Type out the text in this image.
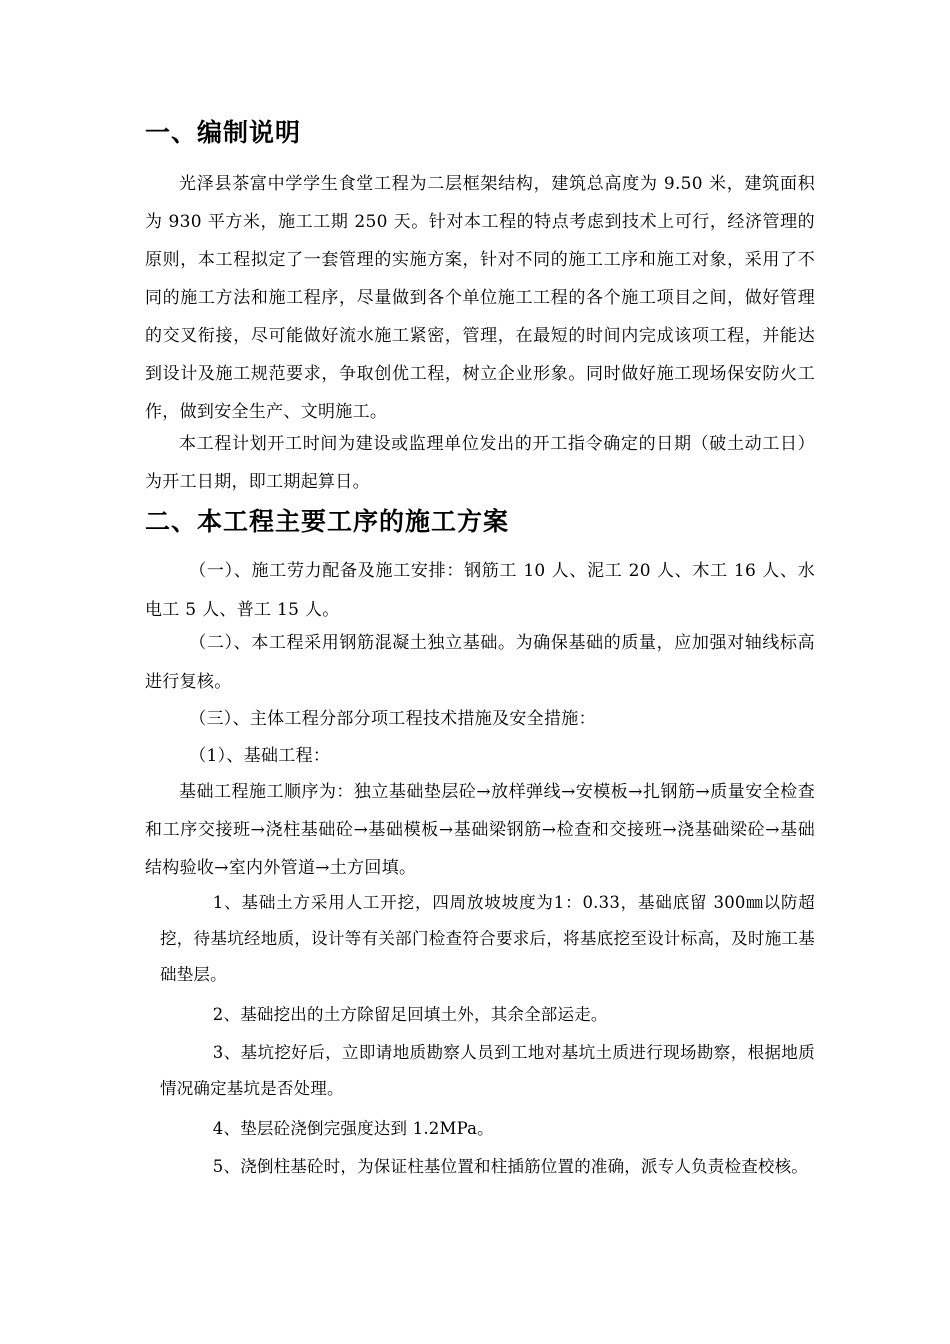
一、编制说明

光泽县茶富中学学生食堂工程为二层框架结构，建筑总高度为 9.50 米，建筑面积为 930 平方米，施工工期 250 天。针对本工程的特点考虑到技术上可行，经济管理的原则，本工程拟定了一套管理的实施方案，针对不同的施工工序和施工对象，采用了不同的施工方法和施工程序，尽量做到各个单位施工工程的各个施工项目之间，做好管理的交叉衔接，尽可能做好流水施工紧密，管理，在最短的时间内完成该项工程，并能达到设计及施工规范要求，争取创优工程，树立企业形象。同时做好施工现场保安防火工作，做到安全生产、文明施工。

本工程计划开工时间为建设或监理单位发出的开工指令确定的日期（破土动工日）为开工日期，即工期起算日。

二、本工程主要工序的施工方案

（一）、施工劳力配备及施工安排：钢筋工 10 人、泥工 20 人、木工 16 人、水电工 5 人、普工 15 人。

（二）、本工程采用钢筋混凝土独立基础。为确保基础的质量，应加强对轴线标高进行复核。

（三）、主体工程分部分项工程技术措施及安全措施：

（1）、基础工程：

基础工程施工顺序为：独立基础垫层砼→放样弹线→安模板→扎钢筋→质量安全检查和工序交接班→浇柱基础砼→基础模板→基础梁钢筋→检查和交接班→浇基础梁砼→基础结构验收→室内外管道→土方回填。

1、基础土方采用人工开挖，四周放坡坡度为1：0.33，基础底留 300㎜以防超挖，待基坑经地质，设计等有关部门检查符合要求后，将基底挖至设计标高，及时施工基础垫层。

2、基础挖出的土方除留足回填土外，其余全部运走。

3、基坑挖好后，立即请地质勘察人员到工地对基坑土质进行现场勘察，根据地质情况确定基坑是否处理。

4、垫层砼浇倒完强度达到 1.2MPa。

5、浇倒柱基砼时，为保证柱基位置和柱插筋位置的准确，派专人负责检查校核。
